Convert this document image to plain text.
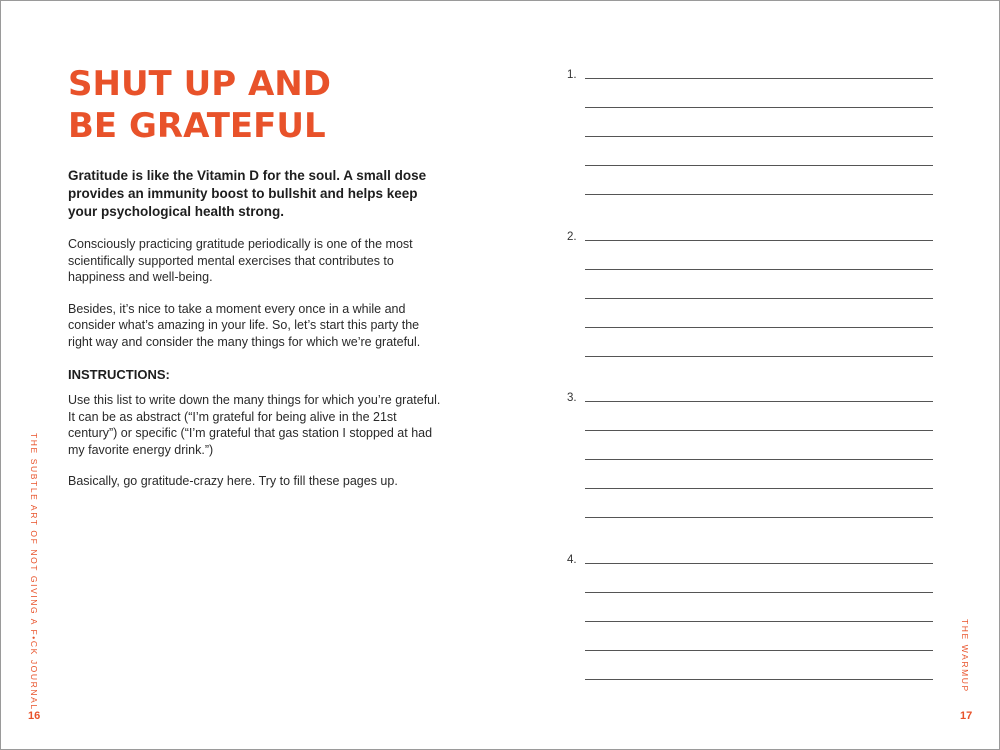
SHUT UP AND
BE GRATEFUL

Gratitude is like the Vitamin D for the soul. A small dose provides an immunity boost to bullshit and helps keep your psychological health strong.

Consciously practicing gratitude periodically is one of the most scientifically supported mental exercises that contributes to happiness and well-being.

Besides, it’s nice to take a moment every once in a while and consider what’s amazing in your life. So, let’s start this party the right way and consider the many things for which we’re grateful.

INSTRUCTIONS:

Use this list to write down the many things for which you’re grateful. It can be as abstract (“I’m grateful for being alive in the 21st century”) or specific (“I’m grateful that gas station I stopped at had my favorite energy drink.”)

Basically, go gratitude-crazy here. Try to fill these pages up.

THE SUBTLE ART OF NOT GIVING A F•CK JOURNAL
16
1.
2.
3.
4.
THE WARMUP
17
